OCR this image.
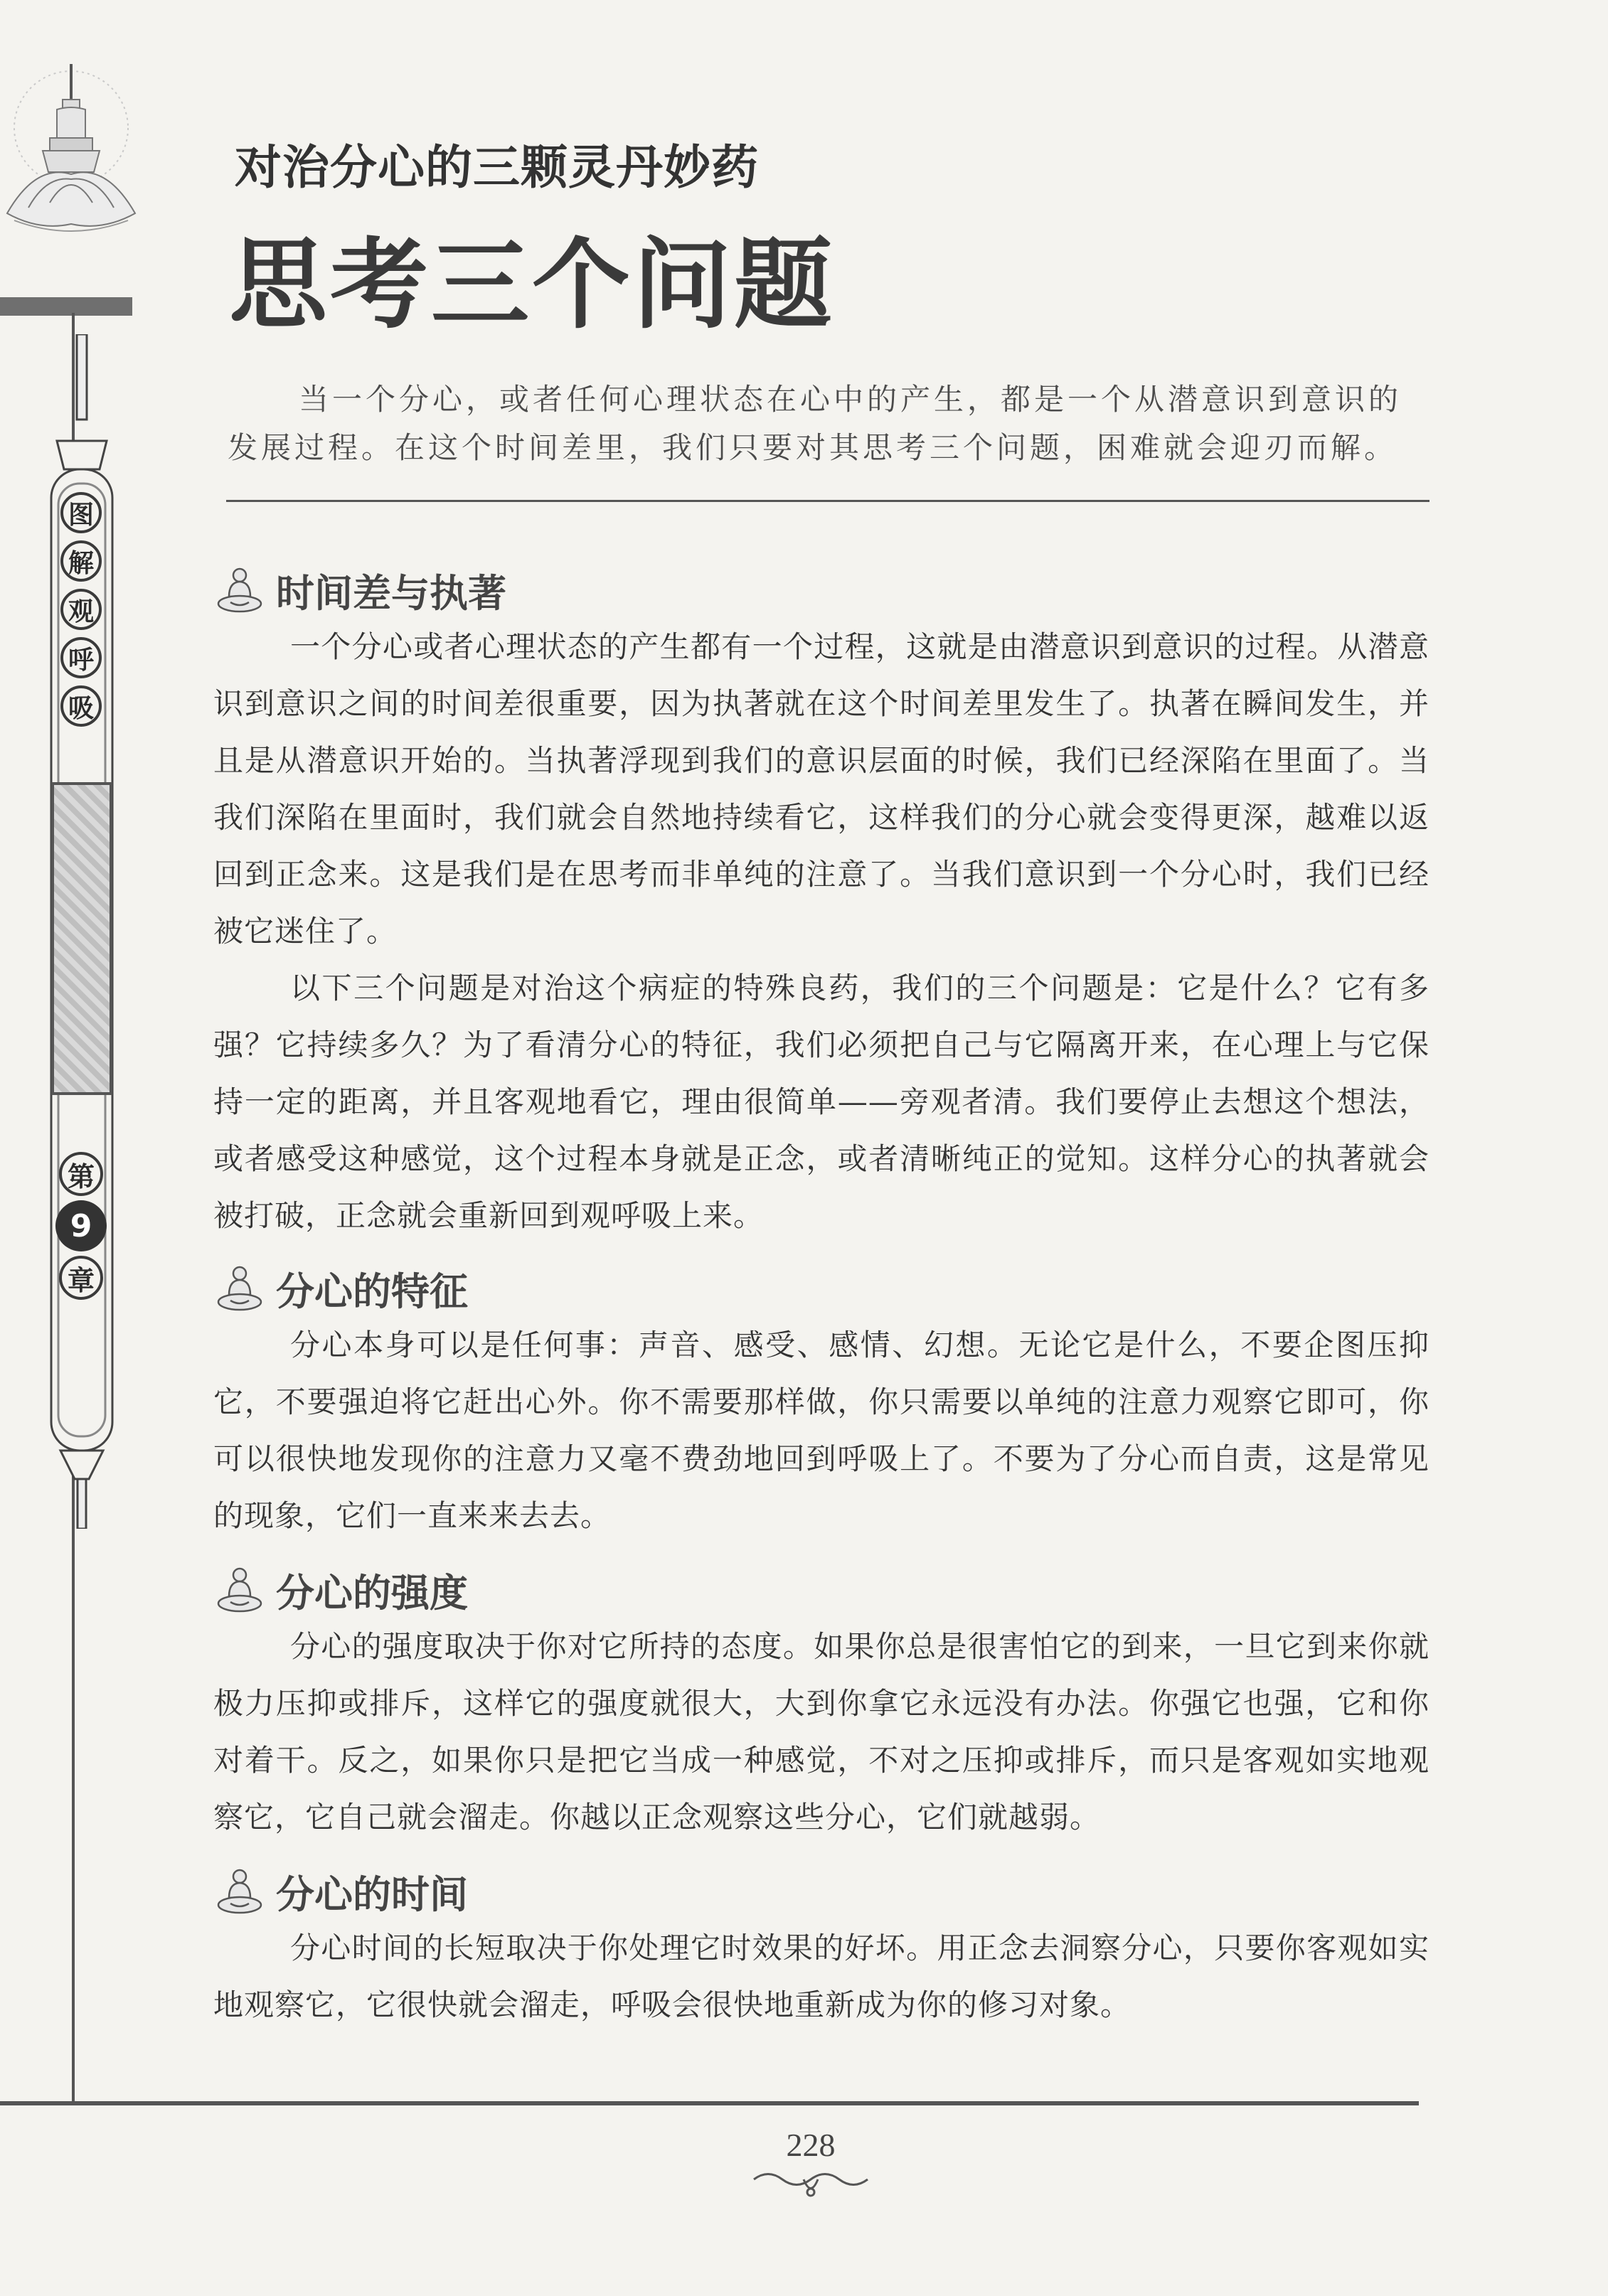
图
解
观
呼
吸
第
9
章
对治分心的三颗灵丹妙药
思考三个问题
当一个分心，或者任何心理状态在心中的产生，都是一个从潜意识到意识的发展过程。在这个时间差里，我们只要对其思考三个问题，困难就会迎刃而解。
时间差与执著

一个分心或者心理状态的产生都有一个过程，这就是由潜意识到意识的过程。从潜意识到意识之间的时间差很重要，因为执著就在这个时间差里发生了。执著在瞬间发生，并且是从潜意识开始的。当执著浮现到我们的意识层面的时候，我们已经深陷在里面了。当我们深陷在里面时，我们就会自然地持续看它，这样我们的分心就会变得更深，越难以返回到正念来。这是我们是在思考而非单纯的注意了。当我们意识到一个分心时，我们已经被它迷住了。

以下三个问题是对治这个病症的特殊良药，我们的三个问题是：它是什么？它有多强？它持续多久？为了看清分心的特征，我们必须把自己与它隔离开来，在心理上与它保持一定的距离，并且客观地看它，理由很简单——旁观者清。我们要停止去想这个想法，或者感受这种感觉，这个过程本身就是正念，或者清晰纯正的觉知。这样分心的执著就会被打破，正念就会重新回到观呼吸上来。

分心的特征

分心本身可以是任何事：声音、感受、感情、幻想。无论它是什么，不要企图压抑它，不要强迫将它赶出心外。你不需要那样做，你只需要以单纯的注意力观察它即可，你可以很快地发现你的注意力又毫不费劲地回到呼吸上了。不要为了分心而自责，这是常见的现象，它们一直来来去去。

分心的强度

分心的强度取决于你对它所持的态度。如果你总是很害怕它的到来，一旦它到来你就极力压抑或排斥，这样它的强度就很大，大到你拿它永远没有办法。你强它也强，它和你对着干。反之，如果你只是把它当成一种感觉，不对之压抑或排斥，而只是客观如实地观察它，它自己就会溜走。你越以正念观察这些分心，它们就越弱。

分心的时间

分心时间的长短取决于你处理它时效果的好坏。用正念去洞察分心，只要你客观如实地观察它，它很快就会溜走，呼吸会很快地重新成为你的修习对象。

228
